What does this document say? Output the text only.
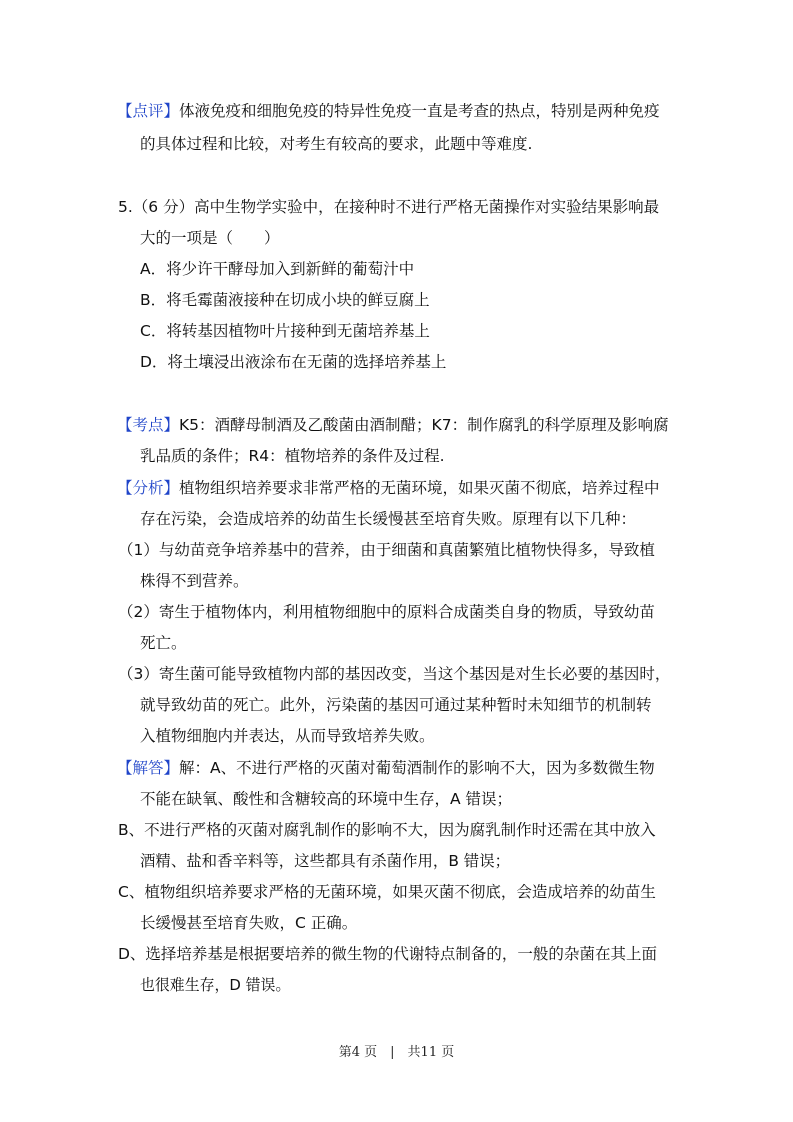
【点评】体液免疫和细胞免疫的特异性免疫一直是考查的热点，特别是两种免疫
的具体过程和比较，对考生有较高的要求，此题中等难度.
5.（6 分）高中生物学实验中，在接种时不进行严格无菌操作对实验结果影响最
大的一项是（　　）
A．将少许干酵母加入到新鲜的葡萄汁中
B．将毛霉菌液接种在切成小块的鲜豆腐上
C．将转基因植物叶片接种到无菌培养基上
D．将土壤浸出液涂布在无菌的选择培养基上
【考点】K5：酒酵母制酒及乙酸菌由酒制醋；K7：制作腐乳的科学原理及影响腐
乳品质的条件；R4：植物培养的条件及过程.
【分析】植物组织培养要求非常严格的无菌环境，如果灭菌不彻底，培养过程中
存在污染，会造成培养的幼苗生长缓慢甚至培育失败。原理有以下几种：
（1）与幼苗竞争培养基中的营养，由于细菌和真菌繁殖比植物快得多，导致植
株得不到营养。
（2）寄生于植物体内，利用植物细胞中的原料合成菌类自身的物质，导致幼苗
死亡。
（3）寄生菌可能导致植物内部的基因改变，当这个基因是对生长必要的基因时，
就导致幼苗的死亡。此外，污染菌的基因可通过某种暂时未知细节的机制转
入植物细胞内并表达，从而导致培养失败。
【解答】解：A、不进行严格的灭菌对葡萄酒制作的影响不大，因为多数微生物
不能在缺氧、酸性和含糖较高的环境中生存，A 错误；
B、不进行严格的灭菌对腐乳制作的影响不大，因为腐乳制作时还需在其中放入
酒精、盐和香辛料等，这些都具有杀菌作用，B 错误；
C、植物组织培养要求严格的无菌环境，如果灭菌不彻底，会造成培养的幼苗生
长缓慢甚至培育失败，C 正确。
D、选择培养基是根据要培养的微生物的代谢特点制备的，一般的杂菌在其上面
也很难生存，D 错误。
第4 页　|　共11 页
